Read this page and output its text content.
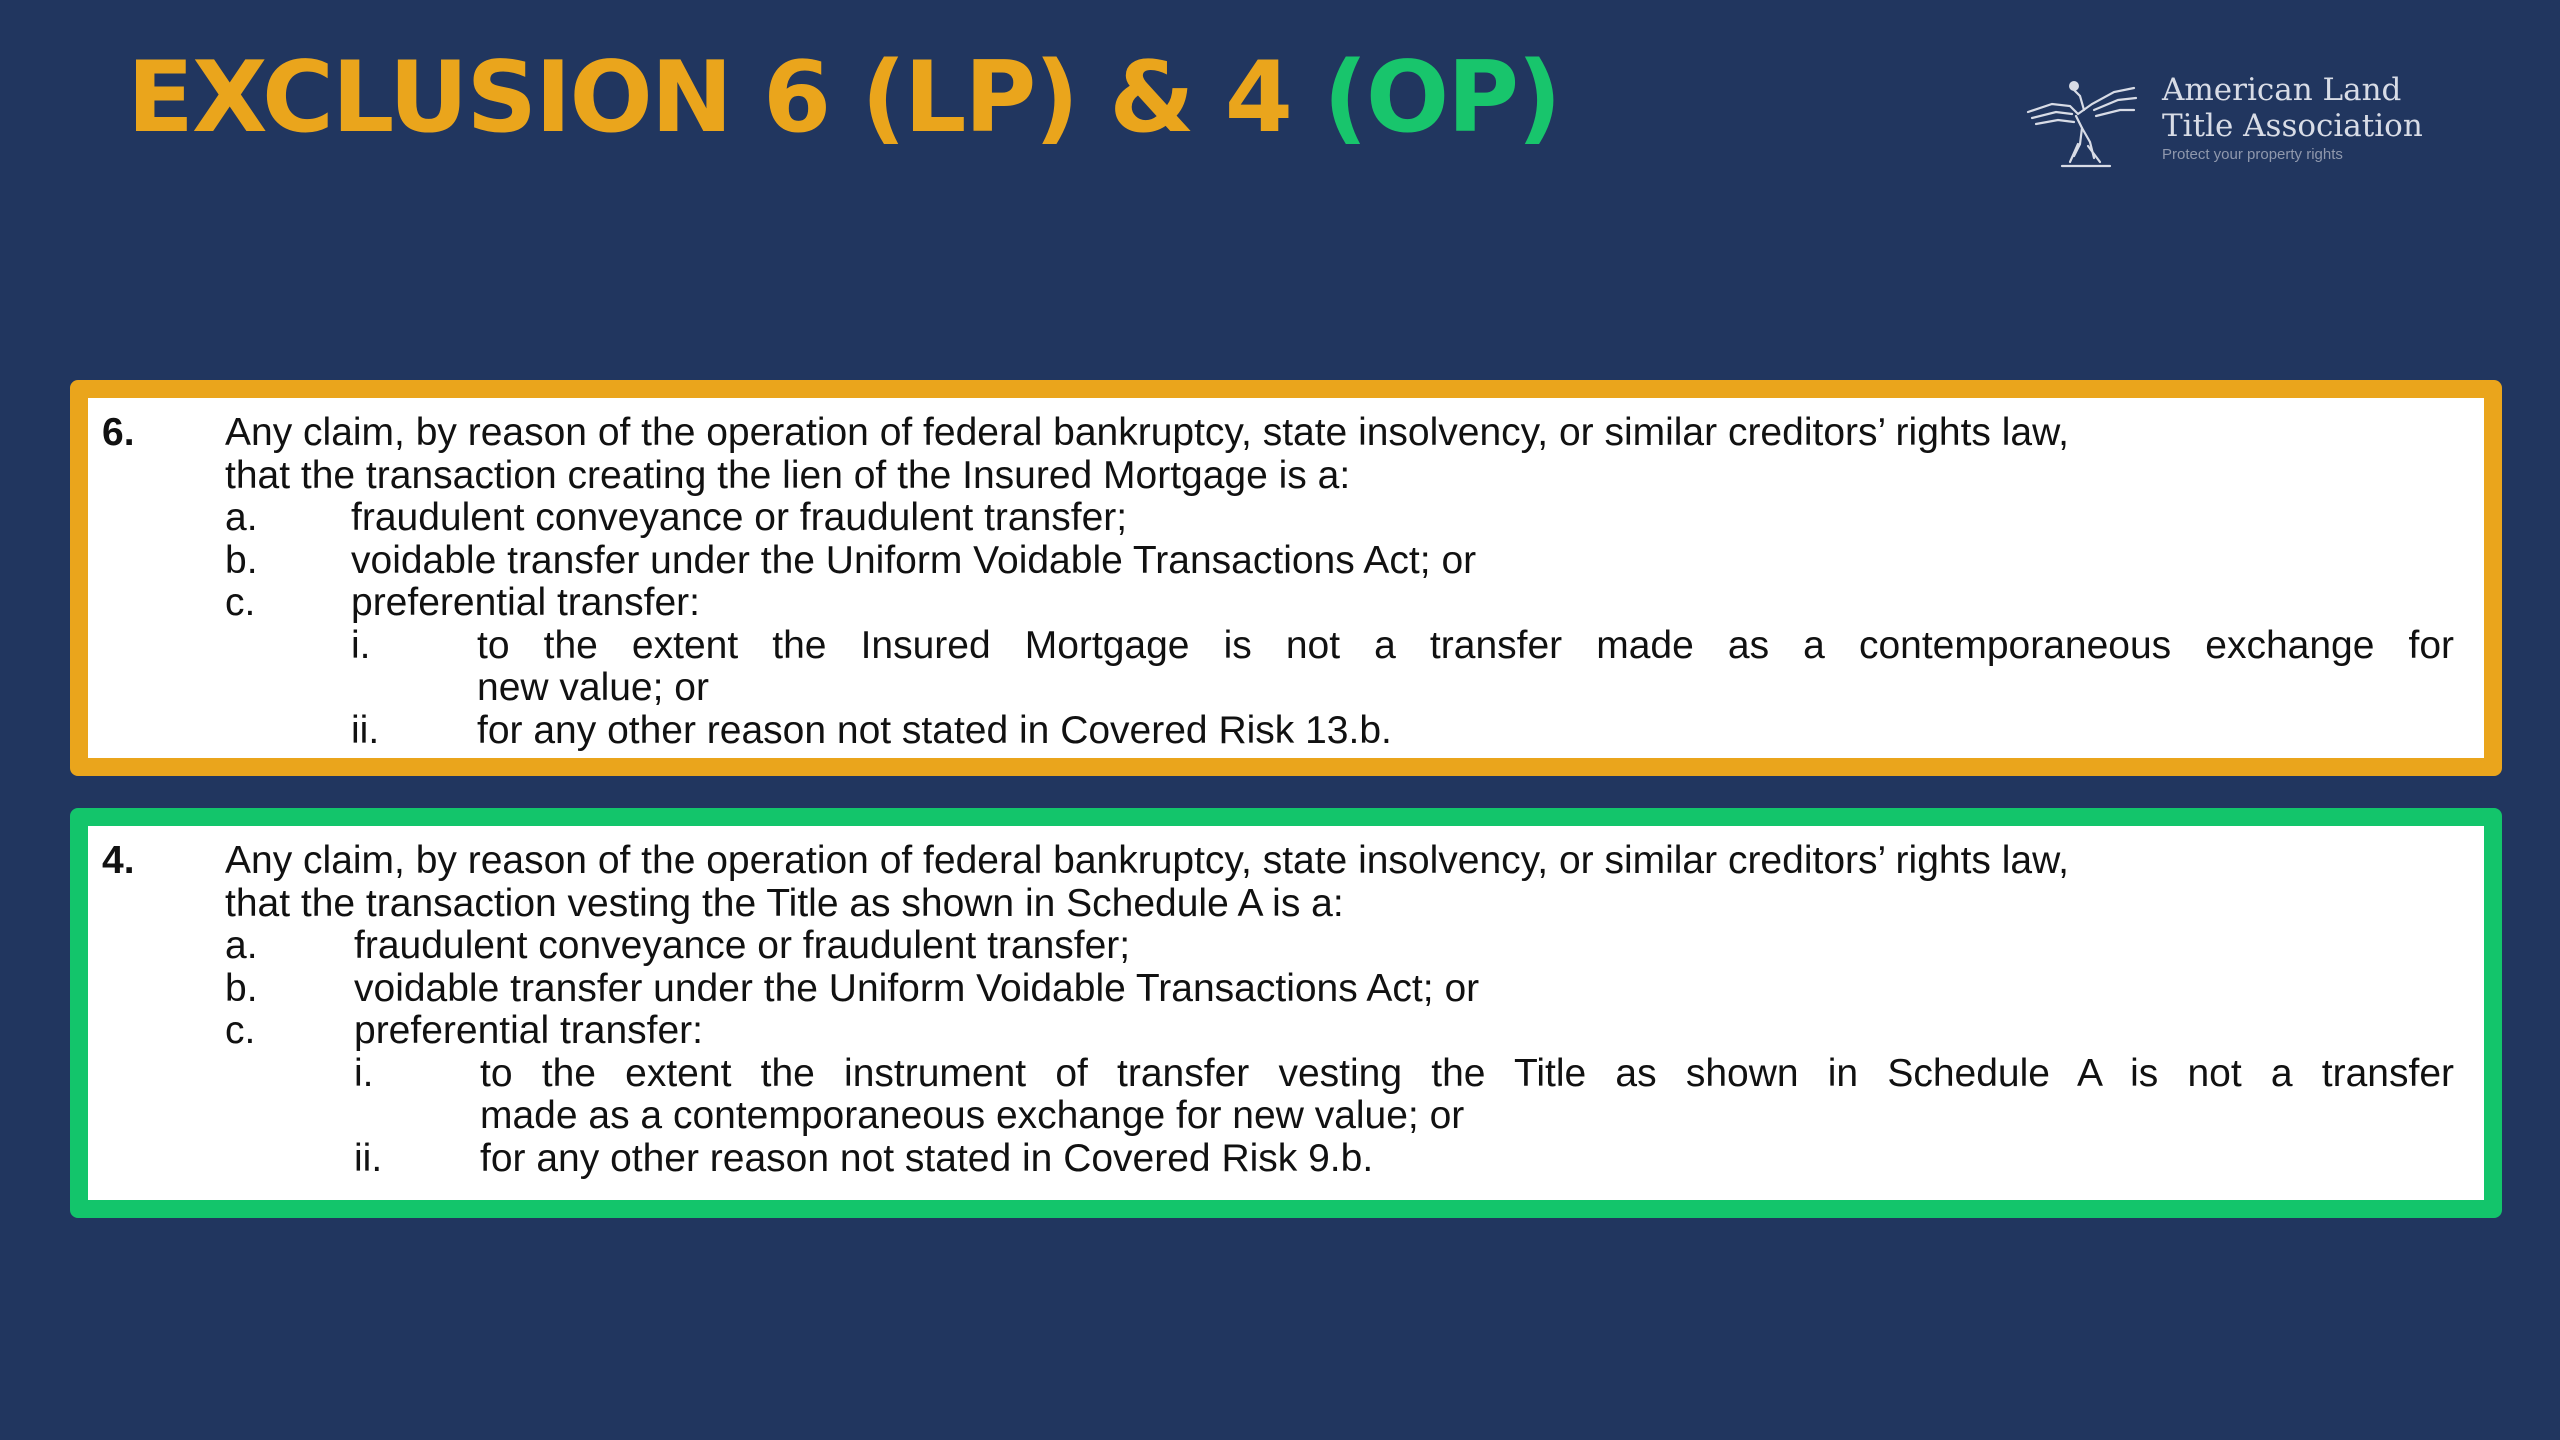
EXCLUSION 6 (LP) & 4 (OP)	American Land
Title Association
Protect your property rights
6. Any claim, by reason of the operation of federal bankruptcy, state insolvency, or similar creditors’ rights law,
that the transaction creating the lien of the Insured Mortgage is a:
a. fraudulent conveyance or fraudulent transfer;
b. voidable transfer under the Uniform Voidable Transactions Act; or
c. preferential transfer:
i.	to the extent the Insured Mortgage is not a transfer made as a contemporaneous exchange for
new value; or
ii.	for any other reason not stated in Covered Risk 13.b.
4. Any claim, by reason of the operation of federal bankruptcy, state insolvency, or similar creditors’ rights law,
that the transaction vesting the Title as shown in Schedule A is a:
a. fraudulent conveyance or fraudulent transfer;
b. voidable transfer under the Uniform Voidable Transactions Act; or
c.	preferential transfer:
i.	to the extent the instrument of transfer vesting the Title as shown in Schedule A is not a transfer
made as a contemporaneous exchange for new value; or
ii.	for any other reason not stated in Covered Risk 9.b.
